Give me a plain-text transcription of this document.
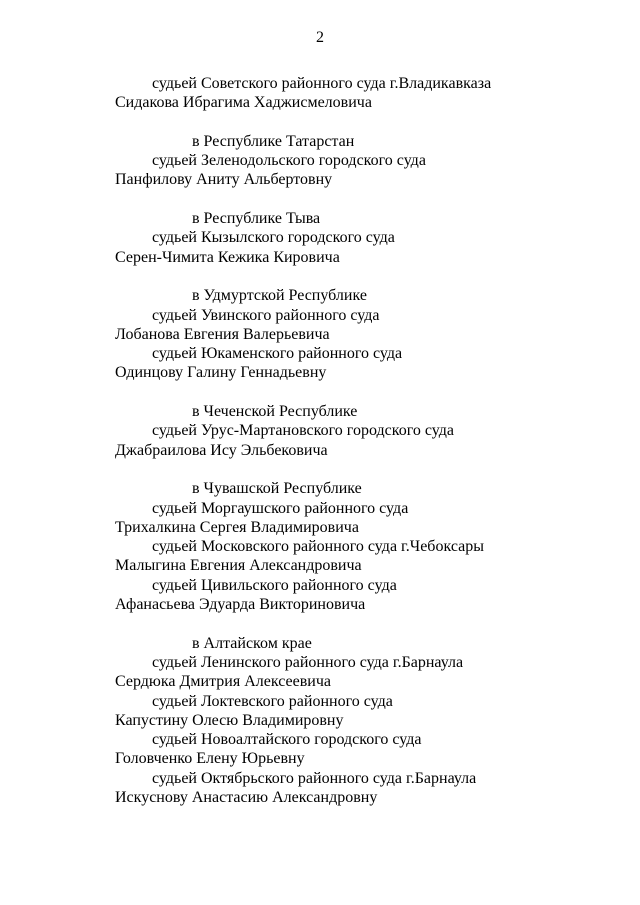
2
судьей Советского районного суда г.Владикавказа
Сидакова Ибрагима Хаджисмеловича
в Республике Татарстан
судьей Зеленодольского городского суда
Панфилову Аниту Альбертовну
в Республике Тыва
судьей Кызылского городского суда
Серен-Чимита Кежика Кировича
в Удмуртской Республике
судьей Увинского районного суда
Лобанова Евгения Валерьевича
судьей Юкаменского районного суда
Одинцову Галину Геннадьевну
в Чеченской Республике
судьей Урус-Мартановского городского суда
Джабраилова Ису Эльбековича
в Чувашской Республике
судьей Моргаушского районного суда
Трихалкина Сергея Владимировича
судьей Московского районного суда г.Чебоксары
Малыгина Евгения Александровича
судьей Цивильского районного суда
Афанасьева Эдуарда Викториновича
в Алтайском крае
судьей Ленинского районного суда г.Барнаула
Сердюка Дмитрия Алексеевича
судьей Локтевского районного суда
Капустину Олесю Владимировну
судьей Новоалтайского городского суда
Головченко Елену Юрьевну
судьей Октябрьского районного суда г.Барнаула
Искуснову Анастасию Александровну
